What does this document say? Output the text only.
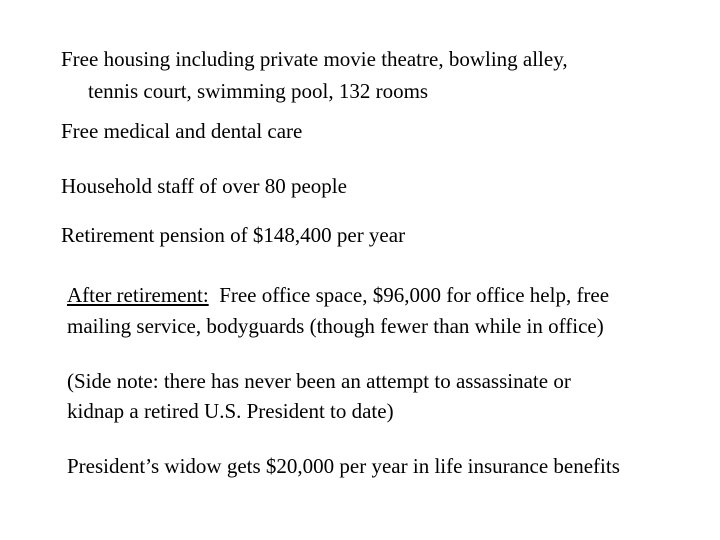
Free housing including private movie theatre, bowling alley,
tennis court, swimming pool, 132 rooms
Free medical and dental care
Household staff of over 80 people
Retirement pension of $148,400 per year
After retirement:  Free office space, $96,000 for office help, free
mailing service, bodyguards (though fewer than while in office)
(Side note: there has never been an attempt to assassinate or
kidnap a retired U.S. President to date)
President’s widow gets $20,000 per year in life insurance benefits
